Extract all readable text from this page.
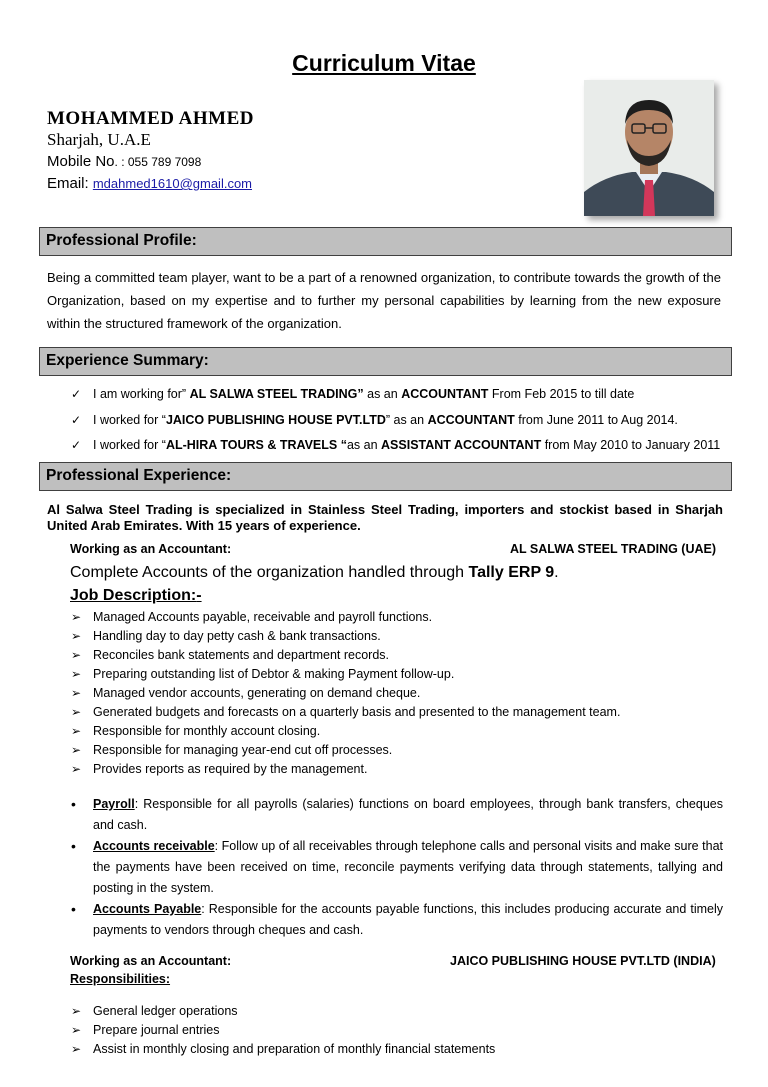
Curriculum Vitae
MOHAMMED AHMED
Sharjah, U.A.E
Mobile No. : 055 789 7098
Email: mdahmed1610@gmail.com
Professional Profile:
Being a committed team player, want to be a part of a renowned organization, to contribute towards the growth of the Organization, based on my expertise and to further my personal capabilities by learning from the new exposure within the structured framework of the organization.
Experience Summary:
✓ I am working for” AL SALWA STEEL TRADING” as an ACCOUNTANT From Feb 2015 to till date
✓ I worked for “JAICO PUBLISHING HOUSE PVT.LTD” as an ACCOUNTANT from June 2011 to Aug 2014.
✓ I worked for “AL-HIRA TOURS & TRAVELS “as an ASSISTANT ACCOUNTANT from May 2010 to January 2011
Professional Experience:
Al Salwa Steel Trading is specialized in Stainless Steel Trading, importers and stockist based in Sharjah United Arab Emirates. With 15 years of experience.
Working as an Accountant:	AL SALWA STEEL TRADING (UAE)
Complete Accounts of the organization handled through Tally ERP 9.
Job Description:-
➢ Managed Accounts payable, receivable and payroll functions.
➢ Handling day to day petty cash & bank transactions.
➢ Reconciles bank statements and department records.
➢ Preparing outstanding list of Debtor & making Payment follow-up.
➢ Managed vendor accounts, generating on demand cheque.
➢ Generated budgets and forecasts on a quarterly basis and presented to the management team.
➢ Responsible for monthly account closing.
➢ Responsible for managing year-end cut off processes.
➢ Provides reports as required by the management.
• Payroll: Responsible for all payrolls (salaries) functions on board employees, through bank transfers, cheques and cash.
• Accounts receivable: Follow up of all receivables through telephone calls and personal visits and make sure that the payments have been received on time, reconcile payments verifying data through statements, tallying and posting in the system.
• Accounts Payable: Responsible for the accounts payable functions, this includes producing accurate and timely payments to vendors through cheques and cash.
Working as an Accountant:	JAICO PUBLISHING HOUSE PVT.LTD (INDIA)
Responsibilities:
➢ General ledger operations
➢ Prepare journal entries
➢ Assist in monthly closing and preparation of monthly financial statements
